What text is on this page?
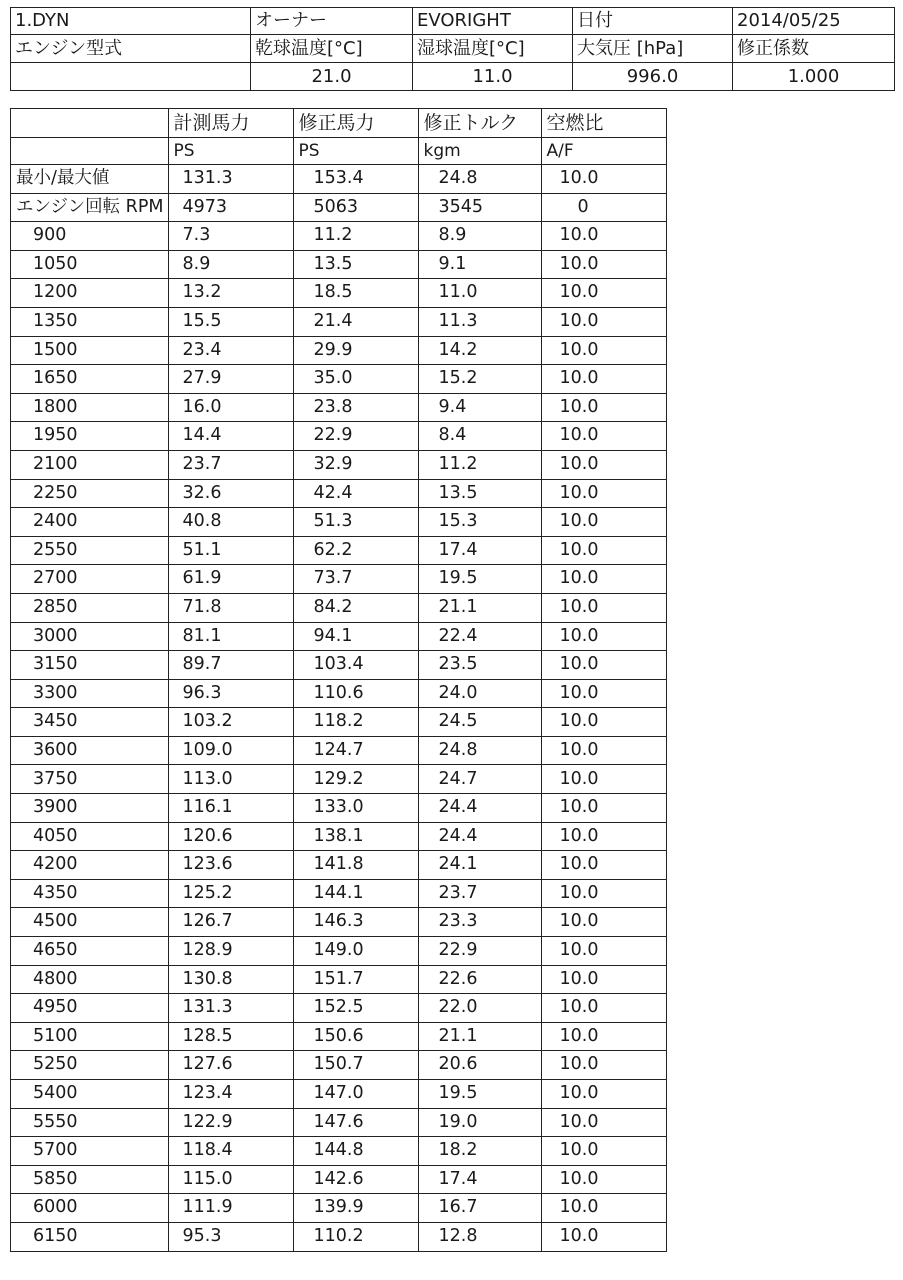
1.DYN	オーナー	EVORIGHT	日付	2014/05/25
エンジン型式	乾球温度[°C]	湿球温度[°C]	大気圧 [hPa]	修正係数
	21.0	11.0	996.0	1.000
	計測馬力	修正馬力	修正トルク	空燃比
	PS	PS	kgm	A/F
最小/最大値	131.3	153.4	24.8	10.0
エンジン回転 RPM	4973	5063	3545	0
900	7.3	11.2	8.9	10.0
1050	8.9	13.5	9.1	10.0
1200	13.2	18.5	11.0	10.0
1350	15.5	21.4	11.3	10.0
1500	23.4	29.9	14.2	10.0
1650	27.9	35.0	15.2	10.0
1800	16.0	23.8	9.4	10.0
1950	14.4	22.9	8.4	10.0
2100	23.7	32.9	11.2	10.0
2250	32.6	42.4	13.5	10.0
2400	40.8	51.3	15.3	10.0
2550	51.1	62.2	17.4	10.0
2700	61.9	73.7	19.5	10.0
2850	71.8	84.2	21.1	10.0
3000	81.1	94.1	22.4	10.0
3150	89.7	103.4	23.5	10.0
3300	96.3	110.6	24.0	10.0
3450	103.2	118.2	24.5	10.0
3600	109.0	124.7	24.8	10.0
3750	113.0	129.2	24.7	10.0
3900	116.1	133.0	24.4	10.0
4050	120.6	138.1	24.4	10.0
4200	123.6	141.8	24.1	10.0
4350	125.2	144.1	23.7	10.0
4500	126.7	146.3	23.3	10.0
4650	128.9	149.0	22.9	10.0
4800	130.8	151.7	22.6	10.0
4950	131.3	152.5	22.0	10.0
5100	128.5	150.6	21.1	10.0
5250	127.6	150.7	20.6	10.0
5400	123.4	147.0	19.5	10.0
5550	122.9	147.6	19.0	10.0
5700	118.4	144.8	18.2	10.0
5850	115.0	142.6	17.4	10.0
6000	111.9	139.9	16.7	10.0
6150	95.3	110.2	12.8	10.0
